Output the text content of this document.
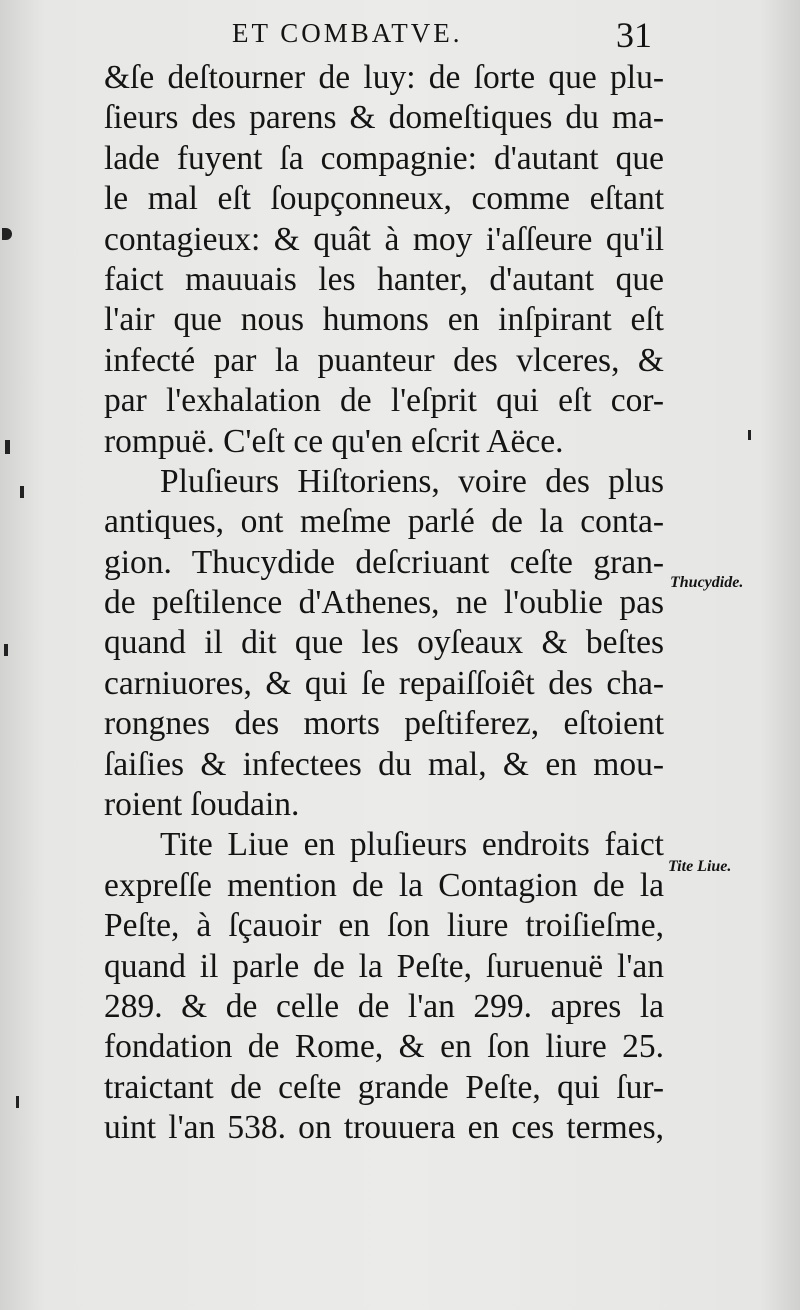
ET COMBATVE.	31
&ſe deſtourner de luy: de ſorte que plu-
ſieurs des parens & domeſtiques du ma-
lade fuyent ſa compagnie: d'autant que
le mal eſt ſoupçonneux, comme eſtant
contagieux: & quât à moy i'aſſeure qu'il
faict mauuais les hanter, d'autant que
l'air que nous humons en inſpirant eſt
infecté par la puanteur des vlceres, &
par l'exhalation de l'eſprit qui eſt cor-
rompuë. C'eſt ce qu'en eſcrit Aëce.
Pluſieurs Hiſtoriens, voire des plus
antiques, ont meſme parlé de la conta-
gion. Thucydide deſcriuant ceſte gran-
de peſtilence d'Athenes, ne l'oublie pas
quand il dit que les oyſeaux & beſtes
carniuores, & qui ſe repaiſſoiêt des cha-
rongnes des morts peſtiferez, eſtoient
ſaiſies & infectees du mal, & en mou-
roient ſoudain.
Tite Liue en pluſieurs endroits faict
expreſſe mention de la Contagion de la
Peſte, à ſçauoir en ſon liure troiſieſme,
quand il parle de la Peſte, ſuruenuë l'an
289. & de celle de l'an 299. apres la
fondation de Rome, & en ſon liure 25.
traictant de ceſte grande Peſte, qui ſur-
uint l'an 538. on trouuera en ces termes,
Thucydide.
Tite Liue.
